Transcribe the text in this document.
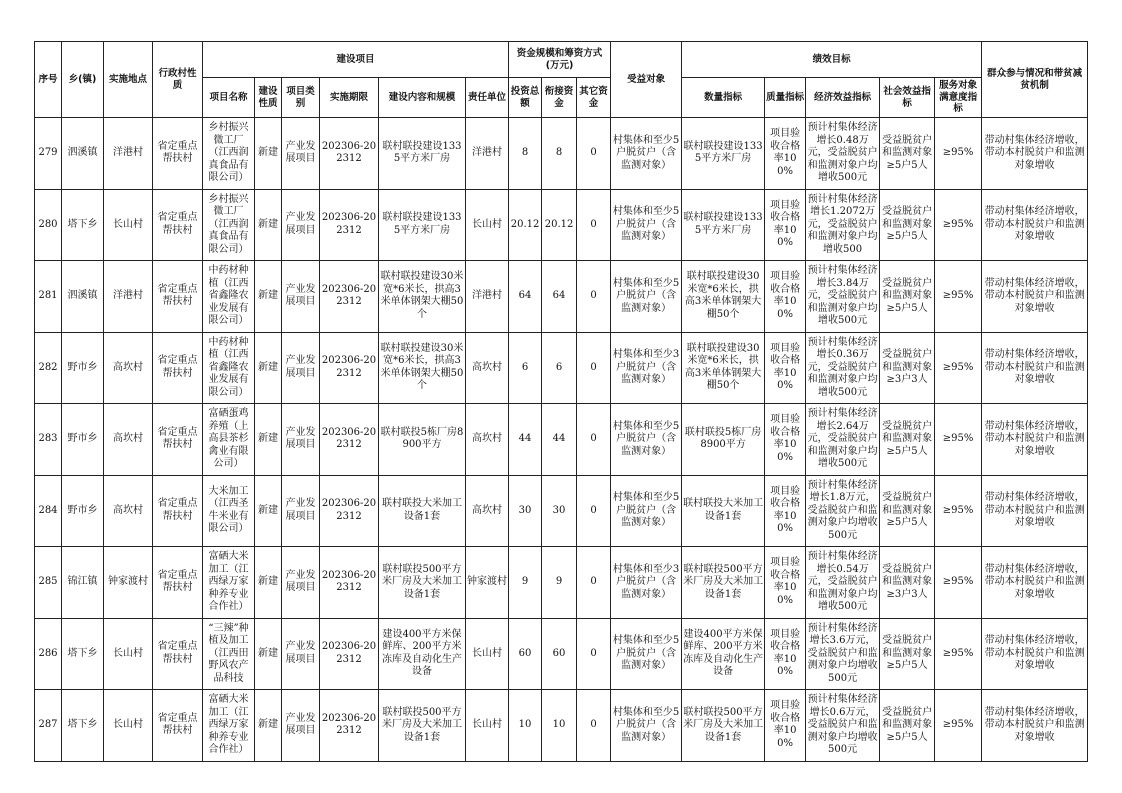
序号	乡(镇)	实施地点	行政村性质	建设项目						资金规模和筹资方式(万元)			受益对象	绩效目标					群众参与情况和带贫减贫机制
				项目名称	建设性质	项目类别	实施期限	建设内容和规模	责任单位	投资总额	衔接资金	其它资金		数量指标	质量指标	经济效益指标	社会效益指标	服务对象满意度指标	
279	泗溪镇	洋港村	省定重点帮扶村	乡村振兴微工厂（江西润真食品有限公司）	新建	产业发展项目	202306-202312	联村联投建设1335平方米厂房	洋港村	8	8	0	村集体和至少5户脱贫户（含监测对象）	联村联投建设1335平方米厂房	项目验收合格率100%	预计村集体经济增长0.48万元，受益脱贫户和监测对象户均增收500元	受益脱贫户和监测对象≥5户5人	≥95%	带动村集体经济增收，带动本村脱贫户和监测对象增收
280	塔下乡	长山村	省定重点帮扶村	乡村振兴微工厂（江西润真食品有限公司）	新建	产业发展项目	202306-202312	联村联投建设1335平方米厂房	长山村	20.12	20.12	0	村集体和至少5户脱贫户（含监测对象）	联村联投建设1335平方米厂房	项目验收合格率100%	预计村集体经济增长1.2072万元，受益脱贫户和监测对象户均增收500	受益脱贫户和监测对象≥5户5人	≥95%	带动村集体经济增收，带动本村脱贫户和监测对象增收
281	泗溪镇	洋港村	省定重点帮扶村	中药材种植（江西省鑫隆农业发展有限公司）	新建	产业发展项目	202306-202312	联村联投建设30米宽*6米长，拱高3米单体钢架大棚50个	洋港村	64	64	0	村集体和至少5户脱贫户（含监测对象）	联村联投建设30米宽*6米长，拱高3米单体钢架大棚50个	项目验收合格率100%	预计村集体经济增长3.84万元，受益脱贫户和监测对象户均增收500元	受益脱贫户和监测对象≥5户5人	≥95%	带动村集体经济增收，带动本村脱贫户和监测对象增收
282	野市乡	高坎村	省定重点帮扶村	中药材种植（江西省鑫隆农业发展有限公司）	新建	产业发展项目	202306-202312	联村联投建设30米宽*6米长，拱高3米单体钢架大棚50个	高坎村	6	6	0	村集体和至少3户脱贫户（含监测对象）	联村联投建设30米宽*6米长，拱高3米单体钢架大棚50个	项目验收合格率100%	预计村集体经济增长0.36万元，受益脱贫户和监测对象户均增收500元	受益脱贫户和监测对象≥3户3人	≥95%	带动村集体经济增收，带动本村脱贫户和监测对象增收
283	野市乡	高坎村	省定重点帮扶村	富硒蛋鸡养殖（上高县茶杉禽业有限公司）	新建	产业发展项目	202306-202312	联村联投5栋厂房8900平方	高坎村	44	44	0	村集体和至少5户脱贫户（含监测对象）	联村联投5栋厂房8900平方	项目验收合格率100%	预计村集体经济增长2.64万元，受益脱贫户和监测对象户均增收500元	受益脱贫户和监测对象≥5户5人	≥95%	带动村集体经济增收，带动本村脱贫户和监测对象增收
284	野市乡	高坎村	省定重点帮扶村	大米加工（江西圣牛米业有限公司）	新建	产业发展项目	202306-202312	联村联投大米加工设备1套	高坎村	30	30	0	村集体和至少5户脱贫户（含监测对象）	联村联投大米加工设备1套	项目验收合格率100%	预计村集体经济增长1.8万元，受益脱贫户和监测对象户均增收500元	受益脱贫户和监测对象≥5户5人	≥95%	带动村集体经济增收，带动本村脱贫户和监测对象增收
285	锦江镇	钟家渡村	省定重点帮扶村	富硒大米加工（江西绿万家种养专业合作社）	新建	产业发展项目	202306-202312	联村联投500平方米厂房及大米加工设备1套	钟家渡村	9	9	0	村集体和至少3户脱贫户（含监测对象）	联村联投500平方米厂房及大米加工设备1套	项目验收合格率100%	预计村集体经济增长0.54万元，受益脱贫户和监测对象户均增收500元	受益脱贫户和监测对象≥3户3人	≥95%	带动村集体经济增收，带动本村脱贫户和监测对象增收
286	塔下乡	长山村	省定重点帮扶村	“三辣”种植及加工（江西田野风农产品科技	新建	产业发展项目	202306-202312	建设400平方米保鲜库、200平方米冻库及自动化生产设备	长山村	60	60	0	村集体和至少5户脱贫户（含监测对象）	建设400平方米保鲜库、200平方米冻库及自动化生产设备	项目验收合格率100%	预计村集体经济增长3.6万元，受益脱贫户和监测对象户均增收500元	受益脱贫户和监测对象≥5户5人	≥95%	带动村集体经济增收，带动本村脱贫户和监测对象增收
287	塔下乡	长山村	省定重点帮扶村	富硒大米加工（江西绿万家种养专业合作社）	新建	产业发展项目	202306-202312	联村联投500平方米厂房及大米加工设备1套	长山村	10	10	0	村集体和至少5户脱贫户（含监测对象）	联村联投500平方米厂房及大米加工设备1套	项目验收合格率100%	预计村集体经济增长0.6万元，受益脱贫户和监测对象户均增收500元	受益脱贫户和监测对象≥5户5人	≥95%	带动村集体经济增收，带动本村脱贫户和监测对象增收
